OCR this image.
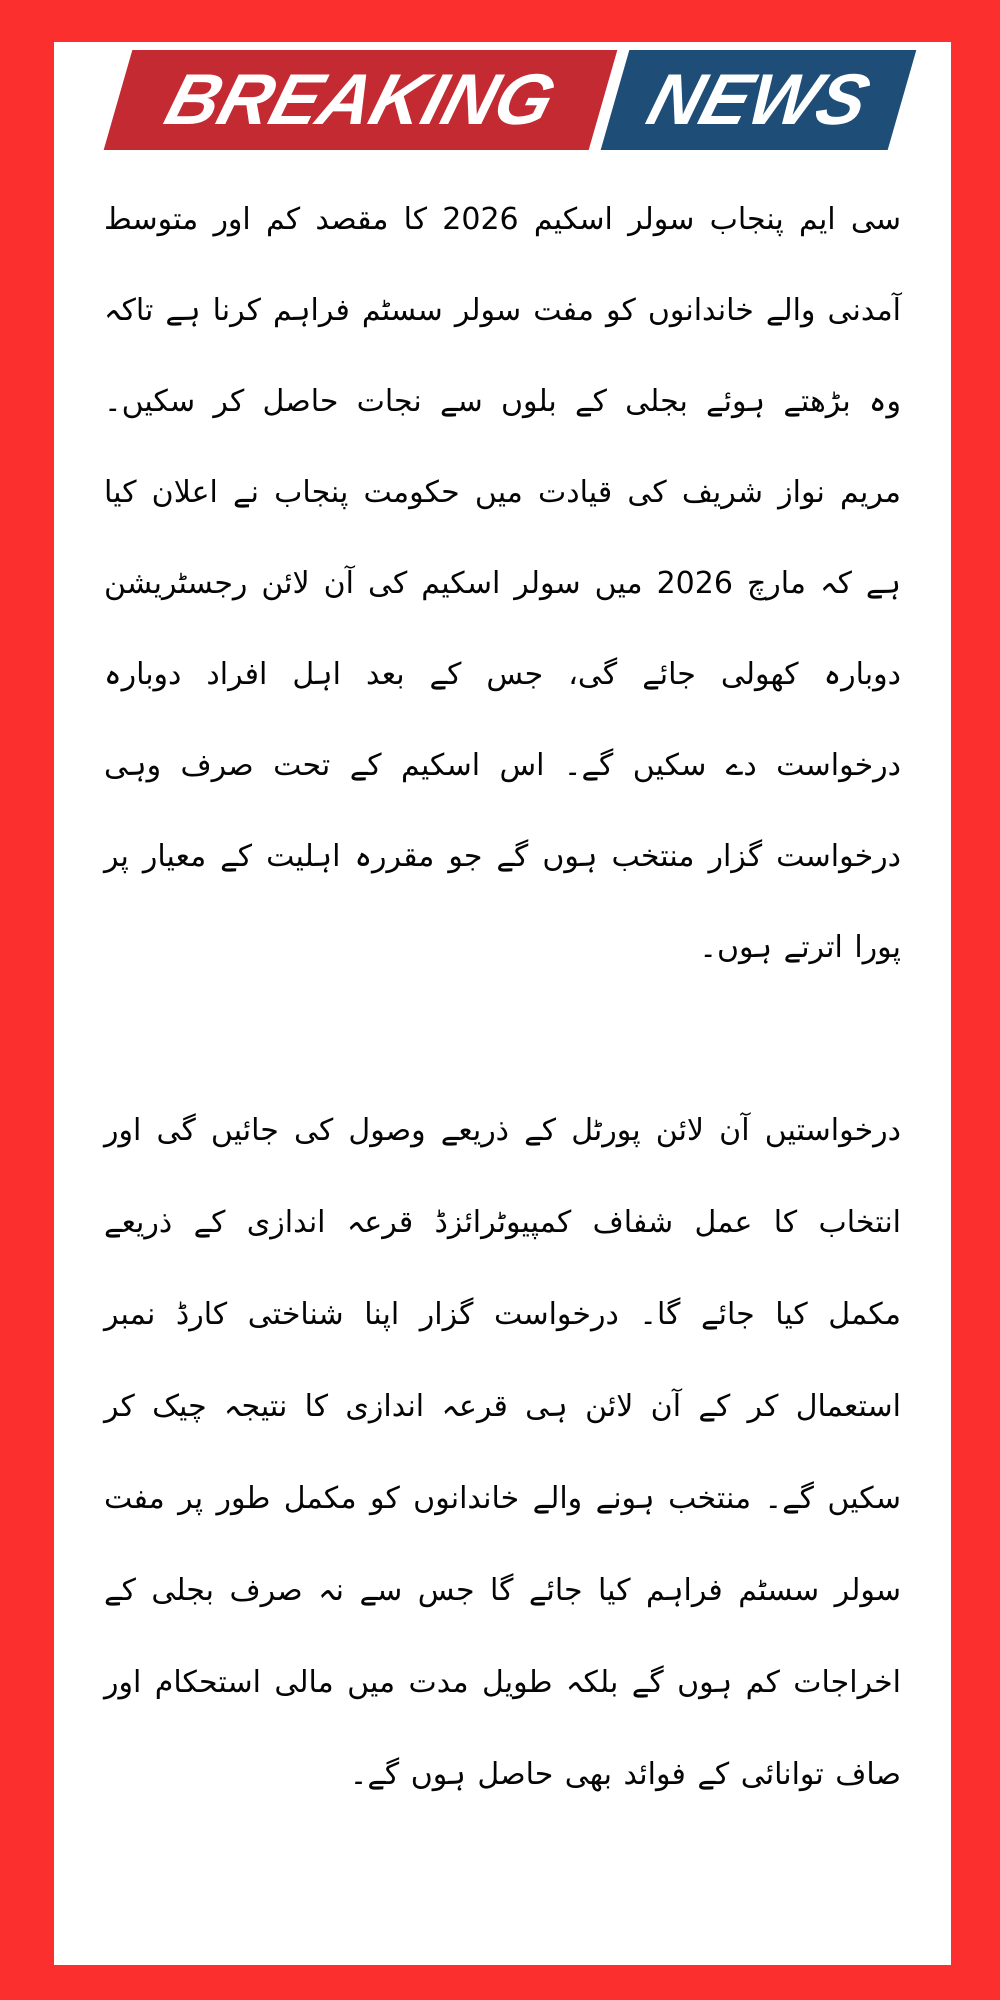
BREAKING NEWS

سی ایم پنجاب سولر اسکیم 2026 کا مقصد کم اور متوسط آمدنی والے خاندانوں کو مفت سولر سسٹم فراہم کرنا ہے تاکہ وہ بڑھتے ہوئے بجلی کے بلوں سے نجات حاصل کر سکیں۔ مریم نواز شریف کی قیادت میں حکومت پنجاب نے اعلان کیا ہے کہ مارچ 2026 میں سولر اسکیم کی آن لائن رجسٹریشن دوبارہ کھولی جائے گی، جس کے بعد اہل افراد دوبارہ درخواست دے سکیں گے۔ اس اسکیم کے تحت صرف وہی درخواست گزار منتخب ہوں گے جو مقررہ اہلیت کے معیار پر پورا اترتے ہوں۔

درخواستیں آن لائن پورٹل کے ذریعے وصول کی جائیں گی اور انتخاب کا عمل شفاف کمپیوٹرائزڈ قرعہ اندازی کے ذریعے مکمل کیا جائے گا۔ درخواست گزار اپنا شناختی کارڈ نمبر استعمال کر کے آن لائن ہی قرعہ اندازی کا نتیجہ چیک کر سکیں گے۔ منتخب ہونے والے خاندانوں کو مکمل طور پر مفت سولر سسٹم فراہم کیا جائے گا جس سے نہ صرف بجلی کے اخراجات کم ہوں گے بلکہ طویل مدت میں مالی استحکام اور صاف توانائی کے فوائد بھی حاصل ہوں گے۔
